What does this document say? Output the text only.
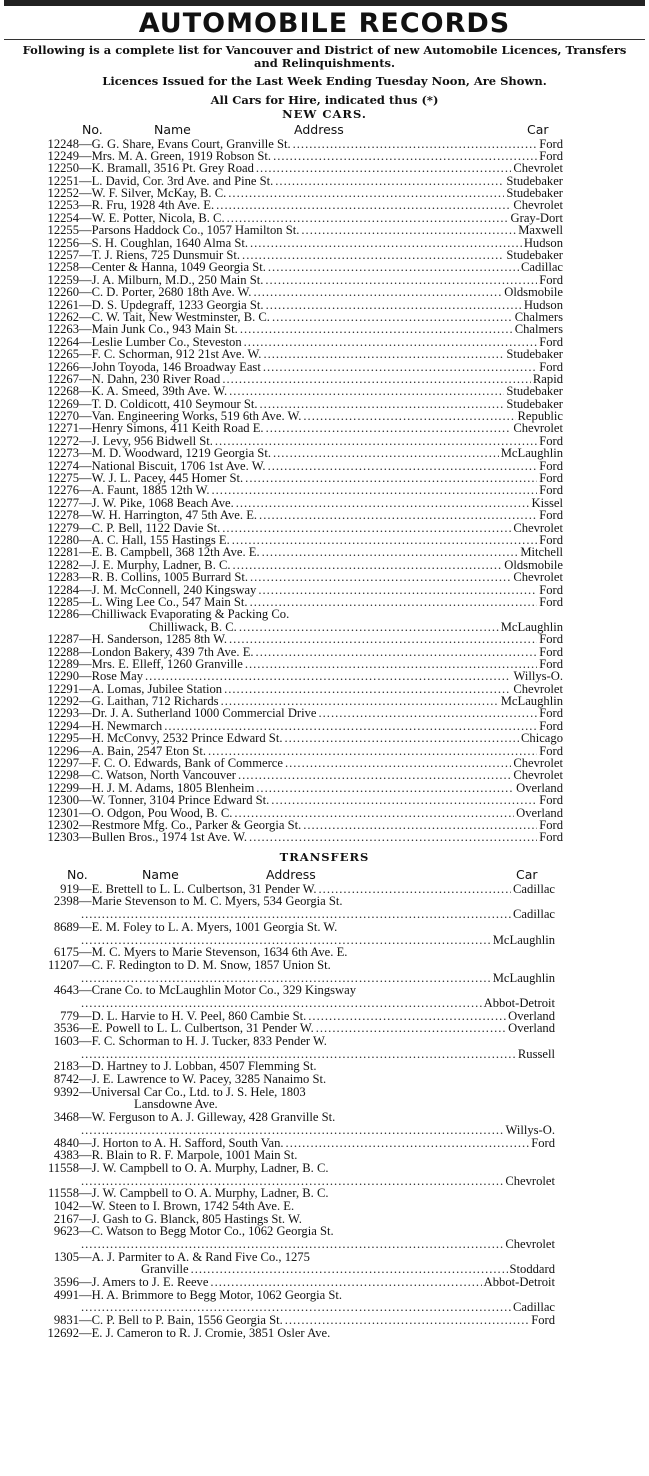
AUTOMOBILE RECORDS
Following is a complete list for Vancouver and District of new Automobile Licences, Transfers and Relinquishments.
Licences Issued for the Last Week Ending Tuesday Noon, Are Shown.
All Cars for Hire, indicated thus (*)
NEW CARS.
No.	Name	Address	Car
12248 — G. G. Share, Evans Court, Granville St. .....	Ford
12249 — Mrs. M. A. Green, 1919 Robson St. .....	Ford
12250 — K. Bramall, 3516 Pt. Grey Road .....	Chevrolet
12251 — L. David, Cor. 3rd Ave. and Pine St. .....	Studebaker
12252 — W. F. Silver, McKay, B. C. .....	Studebaker
12253 — R. Fru, 1928 4th Ave. E. .....	Chevrolet
12254 — W. E. Potter, Nicola, B. C. .....	Gray-Dort
12255 — Parsons Haddock Co., 1057 Hamilton St. .....	Maxwell
12256 — S. H. Coughlan, 1640 Alma St. .....	Hudson
12257 — T. J. Riens, 725 Dunsmuir St. .....	Studebaker
12258 — Center & Hanna, 1049 Georgia St. .....	Cadillac
12259 — J. A. Milburn, M.D., 250 Main St. .....	Ford
12260 — C. D. Porter, 2680 18th Ave. W. .....	Oldsmobile
12261 — D. S. Updegraff, 1233 Georgia St. .....	Hudson
12262 — C. W. Tait, New Westminster, B. C. .....	Chalmers
12263 — Main Junk Co., 943 Main St. .....	Chalmers
12264 — Leslie Lumber Co., Steveston .....	Ford
12265 — F. C. Schorman, 912 21st Ave. W. .....	Studebaker
12266 — John Toyoda, 146 Broadway East .....	Ford
12267 — N. Dahn, 230 River Road .....	Rapid
12268 — K. A. Smeed, 39th Ave. W. .....	Studebaker
12269 — T. D. Coldicott, 410 Seymour St. .....	Studebaker
12270 — Van. Engineering Works, 519 6th Ave. W. .....	Republic
12271 — Henry Simons, 411 Keith Road E. .....	Chevrolet
12272 — J. Levy, 956 Bidwell St. .....	Ford
12273 — M. D. Woodward, 1219 Georgia St. .....	McLaughlin
12274 — National Biscuit, 1706 1st Ave. W. .....	Ford
12275 — W. J. L. Pacey, 445 Homer St. .....	Ford
12276 — A. Faunt, 1885 12th W. .....	Ford
12277 — J. W. Pike, 1068 Beach Ave. .....	Kissel
12278 — W. H. Harrington, 47 5th Ave. E. .....	Ford
12279 — C. P. Bell, 1122 Davie St. .....	Chevrolet
12280 — A. C. Hall, 155 Hastings E. .....	Ford
12281 — E. B. Campbell, 368 12th Ave. E. .....	Mitchell
12282 — J. E. Murphy, Ladner, B. C. .....	Oldsmobile
12283 — R. B. Collins, 1005 Burrard St. .....	Chevrolet
12284 — J. M. McConnell, 240 Kingsway .....	Ford
12285 — L. Wing Lee Co., 547 Main St. .....	Ford
12286 — Chilliwack Evaporating & Packing Co.
Chilliwack, B. C. .....	McLaughlin
12287 — H. Sanderson, 1285 8th W. .....	Ford
12288 — London Bakery, 439 7th Ave. E. .....	Ford
12289 — Mrs. E. Elleff, 1260 Granville .....	Ford
12290 — Rose May .....	Willys-O.
12291 — A. Lomas, Jubilee Station .....	Chevrolet
12292 — G. Laithan, 712 Richards .....	McLaughlin
12293 — Dr. J. A. Sutherland 1000 Commercial Drive .....	Ford
12294 — H. Newmarch .....	Ford
12295 — H. McConvy, 2532 Prince Edward St. .....	Chicago
12296 — A. Bain, 2547 Eton St. .....	Ford
12297 — F. C. O. Edwards, Bank of Commerce .....	Chevrolet
12298 — C. Watson, North Vancouver .....	Chevrolet
12299 — H. J. M. Adams, 1805 Blenheim .....	Overland
12300 — W. Tonner, 3104 Prince Edward St. .....	Ford
12301 — O. Odgon, Pou Wood, B. C. .....	Overland
12302 — Restmore Mfg. Co., Parker & Georgia St. .....	Ford
12303 — Bullen Bros., 1974 1st Ave. W. .....	Ford
TRANSFERS
No.	Name	Address	Car
919 — E. Brettell to L. L. Culbertson, 31 Pender W. .....	Cadillac
2398 — Marie Stevenson to M. C. Myers, 534 Georgia St.
.....
Cadillac
8689 — E. M. Foley to L. A. Myers, 1001 Georgia St. W.
.....
McLaughlin
6175 — M. C. Myers to Marie Stevenson, 1634 6th Ave. E.
11207 — C. F. Redington to D. M. Snow, 1857 Union St.
.....
McLaughlin
4643 — Crane Co. to McLaughlin Motor Co., 329 Kingsway
.....
Abbot-Detroit
779 — D. L. Harvie to H. V. Peel, 860 Cambie St. .....	Overland
3536 — E. Powell to L. L. Culbertson, 31 Pender W. .....	Overland
1603 — F. C. Schorman to H. J. Tucker, 833 Pender W.
.....
Russell
2183 — D. Hartney to J. Lobban, 4507 Flemming St.
8742 — J. E. Lawrence to W. Pacey, 3285 Nanaimo St.
9392 — Universal Car Co., Ltd. to J. S. Hele, 1803
Lansdowne Ave.
3468 — W. Ferguson to A. J. Gilleway, 428 Granville St.
.....
Willys-O.
4840 — J. Horton to A. H. Safford, South Van. .....	Ford
4383 — R. Blain to R. F. Marpole, 1001 Main St.
11558 — J. W. Campbell to O. A. Murphy, Ladner, B. C.
.....
Chevrolet
11558 — J. W. Campbell to O. A. Murphy, Ladner, B. C.
1042 — W. Steen to I. Brown, 1742 54th Ave. E.
2167 — J. Gash to G. Blanck, 805 Hastings St. W.
9623 — C. Watson to Begg Motor Co., 1062 Georgia St.
.....
Chevrolet
1305 — A. J. Parmiter to A. & Rand Five Co., 1275
Granville .....	Stoddard
3596 — J. Amers to J. E. Reeve .....	Abbot-Detroit
4991 — H. A. Brimmore to Begg Motor, 1062 Georgia St.
.....
Cadillac
9831 — C. P. Bell to P. Bain, 1556 Georgia St. .....	Ford
12692 — E. J. Cameron to R. J. Cromie, 3851 Osler Ave.
